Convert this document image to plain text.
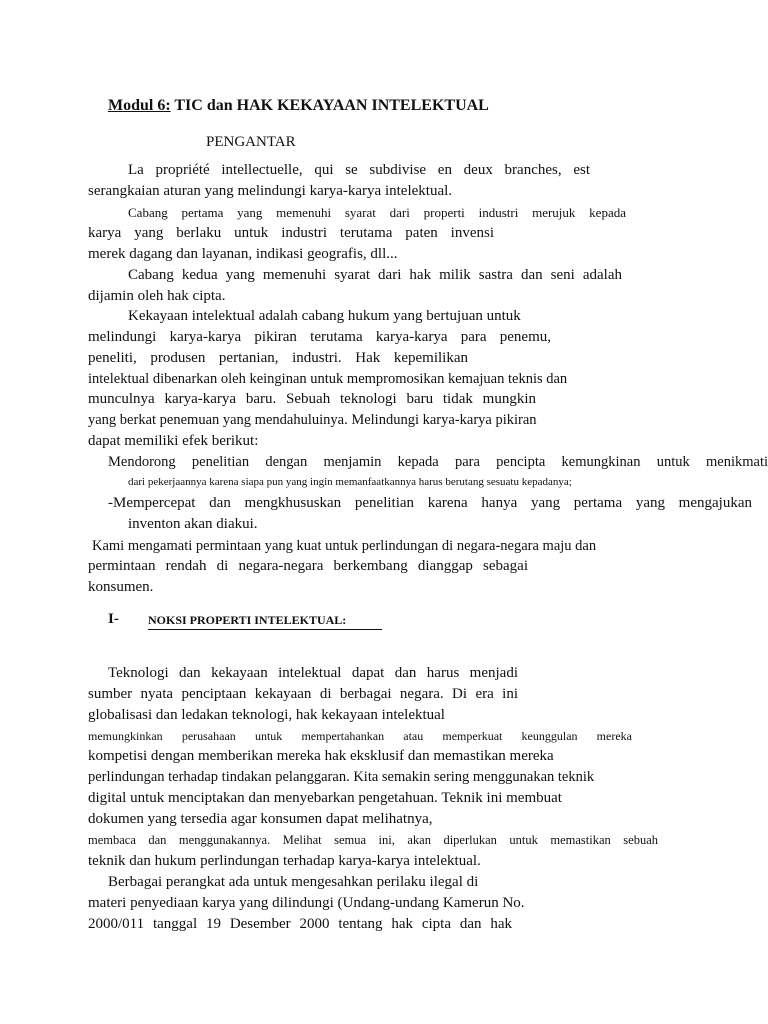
Modul 6: TIC dan HAK KEKAYAAN INTELEKTUAL
PENGANTAR
La propriété intellectuelle, qui se subdivise en deux branches, est
serangkaian aturan yang melindungi karya-karya intelektual.
Cabang pertama yang memenuhi syarat dari properti industri merujuk kepada
karya yang berlaku untuk industri terutama paten invensi
merek dagang dan layanan, indikasi geografis, dll...
Cabang kedua yang memenuhi syarat dari hak milik sastra dan seni adalah
dijamin oleh hak cipta.
Kekayaan intelektual adalah cabang hukum yang bertujuan untuk
melindungi karya-karya pikiran terutama karya-karya para penemu,
peneliti, produsen pertanian, industri. Hak kepemilikan
intelektual dibenarkan oleh keinginan untuk mempromosikan kemajuan teknis dan
munculnya karya-karya baru. Sebuah teknologi baru tidak mungkin
yang berkat penemuan yang mendahuluinya. Melindungi karya-karya pikiran
dapat memiliki efek berikut:
Mendorong penelitian dengan menjamin kepada para pencipta kemungkinan untuk menikmati
dari pekerjaannya karena siapa pun yang ingin memanfaatkannya harus berutang sesuatu kepadanya;
-Mempercepat dan mengkhususkan penelitian karena hanya yang pertama yang mengajukan
inventon akan diakui.
Kami mengamati permintaan yang kuat untuk perlindungan di negara-negara maju dan
permintaan rendah di negara-negara berkembang dianggap sebagai
konsumen.
I- NOKSI PROPERTI INTELEKTUAL:
Teknologi dan kekayaan intelektual dapat dan harus menjadi
sumber nyata penciptaan kekayaan di berbagai negara. Di era ini
globalisasi dan ledakan teknologi, hak kekayaan intelektual
memungkinkan perusahaan untuk mempertahankan atau memperkuat keunggulan mereka
kompetisi dengan memberikan mereka hak eksklusif dan memastikan mereka
perlindungan terhadap tindakan pelanggaran. Kita semakin sering menggunakan teknik
digital untuk menciptakan dan menyebarkan pengetahuan. Teknik ini membuat
dokumen yang tersedia agar konsumen dapat melihatnya,
membaca dan menggunakannya. Melihat semua ini, akan diperlukan untuk memastikan sebuah
teknik dan hukum perlindungan terhadap karya-karya intelektual.
Berbagai perangkat ada untuk mengesahkan perilaku ilegal di
materi penyediaan karya yang dilindungi (Undang-undang Kamerun No.
2000/011 tanggal 19 Desember 2000 tentang hak cipta dan hak
